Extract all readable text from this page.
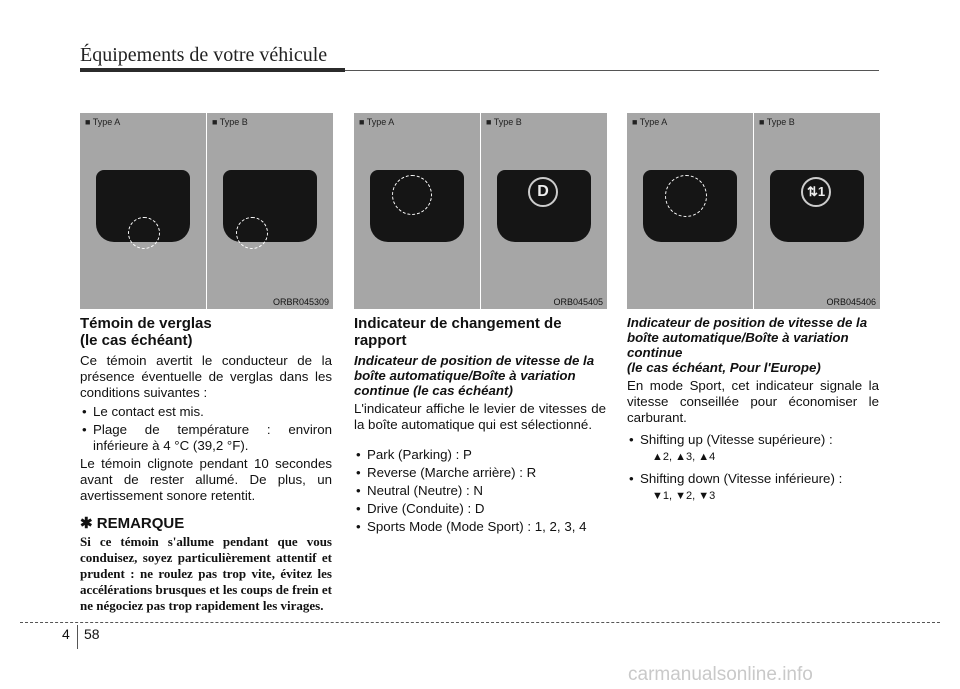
Équipements de votre véhicule
■ Type A	■ Type B
ORBR045309
■ Type A	■ Type B
D
ORB045405
■ Type A	■ Type B
⇅1
ORB045406
Témoin de verglas
(le cas échéant)
Ce témoin avertit le conducteur de la présence éventuelle de verglas dans les conditions suivantes :
• Le contact est mis.
• Plage de température : environ inférieure à 4 °C (39,2 °F).
Le témoin clignote pendant 10 secondes avant de rester allumé. De plus, un avertissement sonore retentit.
✱ REMARQUE
Si ce témoin s'allume pendant que vous conduisez, soyez particulièrement attentif et prudent : ne roulez pas trop vite, évitez les accélérations brusques et les coups de frein et ne négociez pas trop rapidement les virages.
Indicateur de changement de rapport
Indicateur de position de vitesse de la boîte automatique/Boîte à variation continue (le cas échéant)
L'indicateur affiche le levier de vitesses de la boîte automatique qui est sélectionné.
• Park (Parking) : P
• Reverse (Marche arrière) : R
• Neutral (Neutre) : N
• Drive (Conduite) : D
• Sports Mode (Mode Sport) : 1, 2, 3, 4
Indicateur de position de vitesse de la boîte automatique/Boîte à variation continue
(le cas échéant, Pour l'Europe)
En mode Sport, cet indicateur signale la vitesse conseillée pour économiser le carburant.
• Shifting up (Vitesse supérieure) :
▲2, ▲3, ▲4
• Shifting down (Vitesse inférieure) :
▼1, ▼2, ▼3
4 58
carmanualsonline.info
